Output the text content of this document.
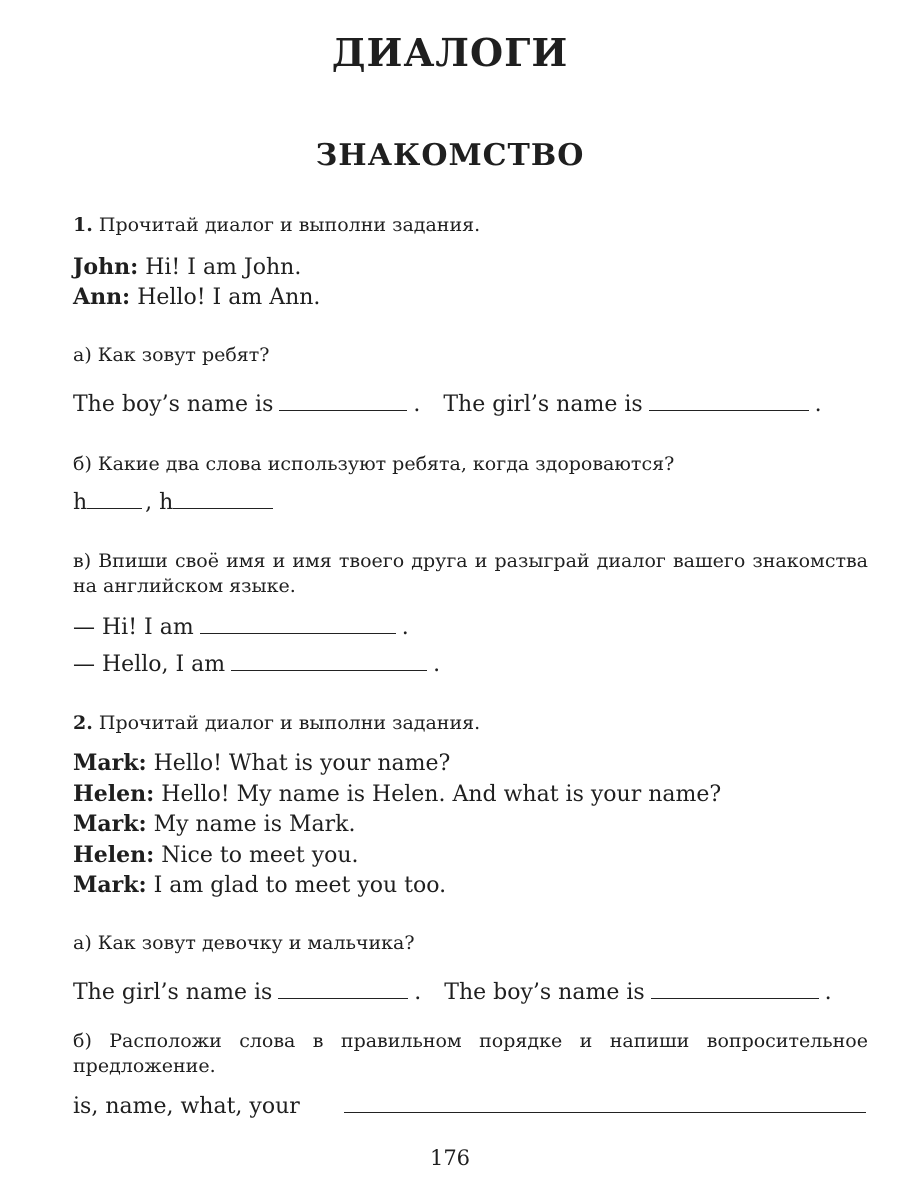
ДИАЛОГИ
ЗНАКОМСТВО
1. Прочитай диалог и выполни задания.
John: Hi! I am John.
Ann: Hello! I am Ann.
а) Как зовут ребят?
The boy’s name is	. The girl’s name is	.
б) Какие два слова используют ребята, когда здороваются?
h	, h
в) Впиши своё имя и имя твоего друга и разыграй диалог вашего знакомства на английском языке.
— Hi! I am	.
— Hello, I am	.
2. Прочитай диалог и выполни задания.
Mark: Hello! What is your name?
Helen: Hello! My name is Helen. And what is your name?
Mark: My name is Mark.
Helen: Nice to meet you.
Mark: I am glad to meet you too.
а) Как зовут девочку и мальчика?
The girl’s name is	. The boy’s name is	.
б) Расположи слова в правильном порядке и напиши вопросительное предложение.
is, name, what, your
176
